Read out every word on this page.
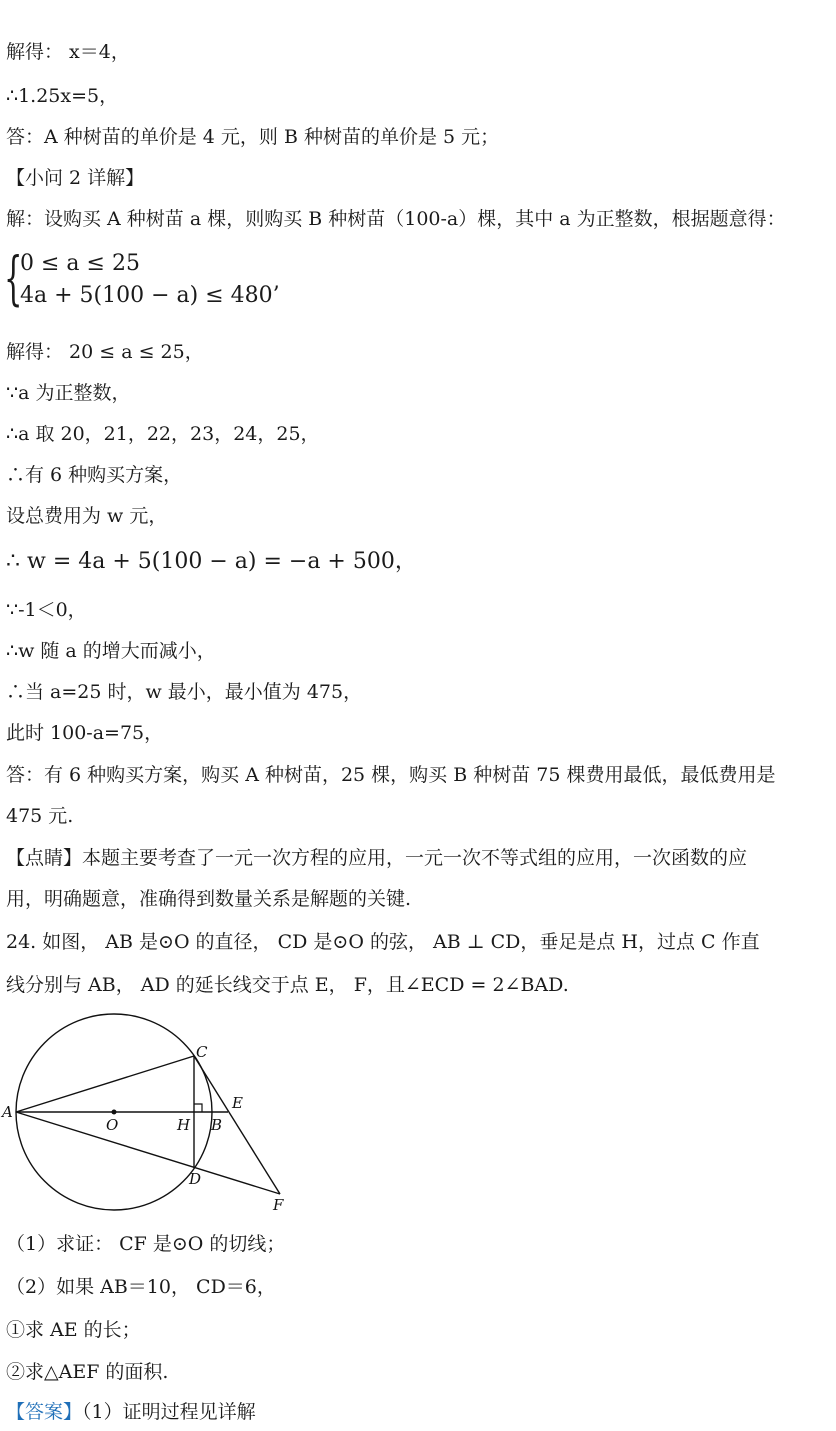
解得： x＝4，
∴1.25x=5，
答：A 种树苗的单价是 4 元，则 B 种树苗的单价是 5 元；
【小问 2 详解】
解：设购买 A 种树苗 a 棵，则购买 B 种树苗（100-a）棵，其中 a 为正整数，根据题意得：
{
0 ≤ a ≤ 25
4a + 5(100 − a) ≤ 480’
解得： 20 ≤ a ≤ 25，
∵a 为正整数，
∴a 取 20，21，22，23，24，25，
∴有 6 种购买方案，
设总费用为 w 元，
∴ w = 4a + 5(100 − a) = −a + 500，
∵-1＜0，
∴w 随 a 的增大而减小，
∴当 a=25 时，w 最小，最小值为 475，
此时 100-a=75，
答：有 6 种购买方案，购买 A 种树苗，25 棵，购买 B 种树苗 75 棵费用最低，最低费用是
475 元.
【点睛】本题主要考查了一元一次方程的应用，一元一次不等式组的应用，一次函数的应
用，明确题意，准确得到数量关系是解题的关键.
24. 如图， AB 是⊙O 的直径， CD 是⊙O 的弦， AB ⊥ CD，垂足是点 H，过点 C 作直
线分别与 AB， AD 的延长线交于点 E， F，且∠ECD = 2∠BAD.
A
O	H B
C
D
E
F
（1）求证： CF 是⊙O 的切线；
（2）如果 AB＝10， CD＝6，
①求 AE 的长；
②求△AEF 的面积.
【答案】（1）证明过程见详解
